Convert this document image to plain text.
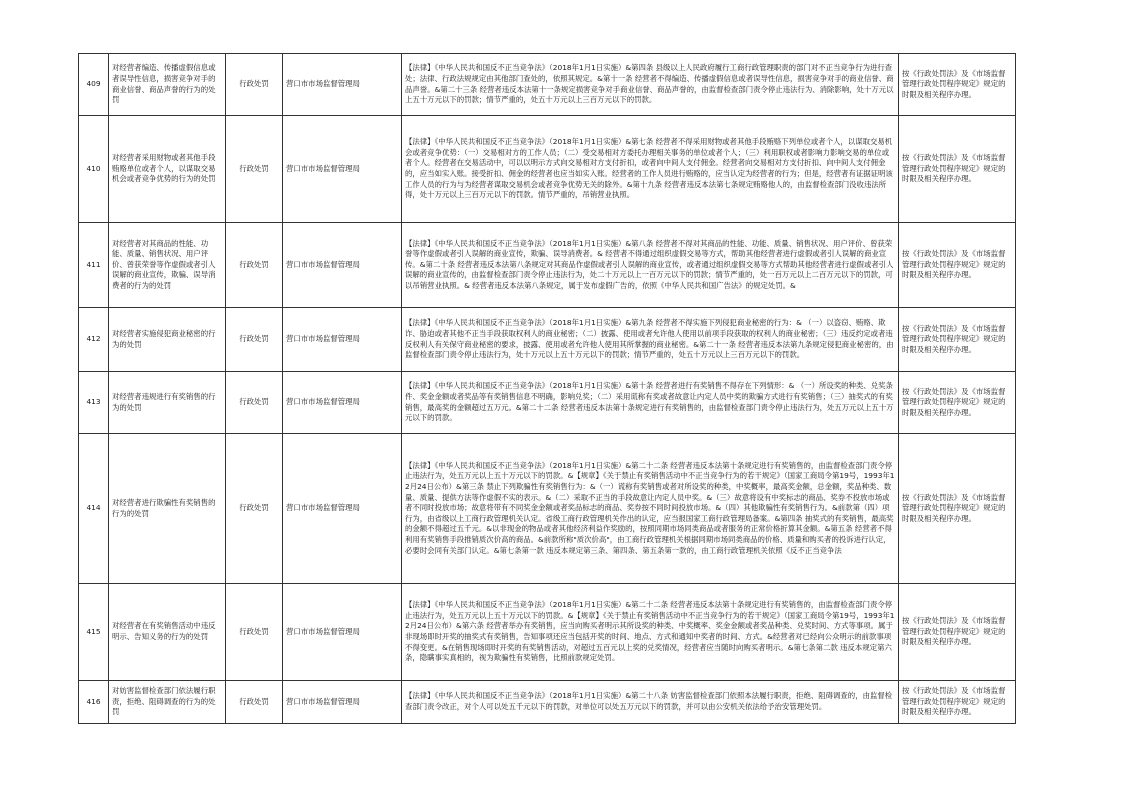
409	对经营者编造、传播虚假信息或者误导性信息，损害竞争对手的商业信誉、商品声誉的行为的处罚	行政处罚	营口市市场监督管理局	【法律】《中华人民共和国反不正当竞争法》（2018年1月1日实施）&第四条 县级以上人民政府履行工商行政管理职责的部门对不正当竞争行为进行查处；法律、行政法规规定由其他部门查处的，依照其规定。&第十一条 经营者不得编造、传播虚假信息或者误导性信息，损害竞争对手的商业信誉、商品声誉。&第二十三条 经营者违反本法第十一条规定损害竞争对手商业信誉、商品声誉的，由监督检查部门责令停止违法行为、消除影响，处十万元以上五十万元以下的罚款；情节严重的，处五十万元以上三百万元以下的罚款。	按《行政处罚法》及《市场监督管理行政处罚程序规定》规定的时限及相关程序办理。

410	对经营者采用财物或者其他手段贿赂单位或者个人，以谋取交易机会或者竞争优势的行为的处罚	行政处罚	营口市市场监督管理局	【法律】《中华人民共和国反不正当竞争法》（2018年1月1日实施）&第七条 经营者不得采用财物或者其他手段贿赂下列单位或者个人，以谋取交易机会或者竞争优势：（一）交易相对方的工作人员；（二）受交易相对方委托办理相关事务的单位或者个人；（三）利用职权或者影响力影响交易的单位或者个人。经营者在交易活动中，可以以明示方式向交易相对方支付折扣，或者向中间人支付佣金。经营者向交易相对方支付折扣、向中间人支付佣金的，应当如实入账。接受折扣、佣金的经营者也应当如实入账。经营者的工作人员进行贿赂的，应当认定为经营者的行为；但是，经营者有证据证明该工作人员的行为与为经营者谋取交易机会或者竞争优势无关的除外。&第十九条 经营者违反本法第七条规定贿赂他人的，由监督检查部门没收违法所得，处十万元以上三百万元以下的罚款。情节严重的，吊销营业执照。	按《行政处罚法》及《市场监督管理行政处罚程序规定》规定的时限及相关程序办理。

411	对经营者对其商品的性能、功能、质量、销售状况、用户评价、曾获荣誉等作虚假或者引人误解的商业宣传，欺骗、误导消费者的行为的处罚	行政处罚	营口市市场监督管理局	【法律】《中华人民共和国反不正当竞争法》（2018年1月1日实施）&第八条 经营者不得对其商品的性能、功能、质量、销售状况、用户评价、曾获荣誉等作虚假或者引人误解的商业宣传，欺骗、误导消费者。& 经营者不得通过组织虚假交易等方式，帮助其他经营者进行虚假或者引人误解的商业宣传。&第二十条 经营者违反本法第八条规定对其商品作虚假或者引人误解的商业宣传，或者通过组织虚假交易等方式帮助其他经营者进行虚假或者引人误解的商业宣传的，由监督检查部门责令停止违法行为，处二十万元以上一百万元以下的罚款；情节严重的，处一百万元以上二百万元以下的罚款，可以吊销营业执照。& 经营者违反本法第八条规定，属于发布虚假广告的，依照《中华人民共和国广告法》的规定处罚。&	按《行政处罚法》及《市场监督管理行政处罚程序规定》规定的时限及相关程序办理。

412	对经营者实施侵犯商业秘密的行为的处罚	行政处罚	营口市市场监督管理局	【法律】《中华人民共和国反不正当竞争法》（2018年1月1日实施）&第九条 经营者不得实施下列侵犯商业秘密的行为：& （一）以盗窃、贿赂、欺诈、胁迫或者其他不正当手段获取权利人的商业秘密；（二）披露、使用或者允许他人使用以前项手段获取的权利人的商业秘密；（三）违反约定或者违反权利人有关保守商业秘密的要求，披露、使用或者允许他人使用其所掌握的商业秘密。&第二十一条 经营者违反本法第九条规定侵犯商业秘密的，由监督检查部门责令停止违法行为，处十万元以上五十万元以下的罚款；情节严重的，处五十万元以上三百万元以下的罚款。	按《行政处罚法》及《市场监督管理行政处罚程序规定》规定的时限及相关程序办理。

413	对经营者违规进行有奖销售的行为的处罚	行政处罚	营口市市场监督管理局	【法律】《中华人民共和国反不正当竞争法》（2018年1月1日实施）&第十条 经营者进行有奖销售不得存在下列情形：& （一）所设奖的种类、兑奖条件、奖金金额或者奖品等有奖销售信息不明确，影响兑奖；（二）采用谎称有奖或者故意让内定人员中奖的欺骗方式进行有奖销售；（三）抽奖式的有奖销售，最高奖的金额超过五万元。&第二十二条 经营者违反本法第十条规定进行有奖销售的，由监督检查部门责令停止违法行为，处五万元以上五十万元以下的罚款。	按《行政处罚法》及《市场监督管理行政处罚程序规定》规定的时限及相关程序办理。

414	对经营者进行欺骗性有奖销售的行为的处罚	行政处罚	营口市市场监督管理局	【法律】《中华人民共和国反不正当竞争法》（2018年1月1日实施）&第二十二条 经营者违反本法第十条规定进行有奖销售的，由监督检查部门责令停止违法行为，处五万元以上五十万元以下的罚款。&【规章】《关于禁止有奖销售活动中不正当竞争行为的若干规定》（国家工商局令第19号，1993年12月24日公布）&第三条 禁止下列欺骗性有奖销售行为：&（一）谎称有奖销售或者对所设奖的种类，中奖概率，最高奖金额，总金额，奖品种类、数量、质量、提供方法等作虚假不实的表示。&（二）采取不正当的手段故意让内定人员中奖。&（三）故意将设有中奖标志的商品、奖券不投放市场或者不同时投放市场；故意将带有不同奖金金额或者奖品标志的商品、奖券按不同时间投放市场。&（四）其他欺骗性有奖销售行为。&前款第（四）项行为，由省级以上工商行政管理机关认定。省级工商行政管理机关作出的认定，应当报国家工商行政管理局备案。&第四条 抽奖式的有奖销售，最高奖的金额不得超过五千元。&以非现金的物品或者其他经济利益作奖励的，按照同期市场同类商品或者服务的正常价格折算其金额。&第五条 经营者不得利用有奖销售手段推销质次价高的商品。&前款所称"质次价高"，由工商行政管理机关根据同期市场同类商品的价格、质量和购买者的投诉进行认定，必要时会同有关部门认定。&第七条第一款 违反本规定第三条、第四条、第五条第一款的，由工商行政管理机关依照《反不正当竞争法	按《行政处罚法》及《市场监督管理行政处罚程序规定》规定的时限及相关程序办理。

415	对经营者在有奖销售活动中违反明示、告知义务的行为的处罚	行政处罚	营口市市场监督管理局	【法律】《中华人民共和国反不正当竞争法》（2018年1月1日实施）&第二十二条 经营者违反本法第十条规定进行有奖销售的，由监督检查部门责令停止违法行为，处五万元以上五十万元以下的罚款。&【规章】《关于禁止有奖销售活动中不正当竞争行为的若干规定》（国家工商局令第19号，1993年12月24日公布）&第六条 经营者举办有奖销售，应当向购买者明示其所设奖的种类、中奖概率、奖金金额或者奖品种类、兑奖时间、方式等事项。属于非现场即时开奖的抽奖式有奖销售，告知事项还应当包括开奖的时间、地点、方式和通知中奖者的时间、方式。&经营者对已经向公众明示的前款事项不得变更。&在销售现场即时开奖的有奖销售活动，对超过五百元以上奖的兑奖情况，经营者应当随时向购买者明示。&第七条第二款 违反本规定第六条，隐瞒事实真相的，视为欺骗性有奖销售，比照前款规定处罚。	按《行政处罚法》及《市场监督管理行政处罚程序规定》规定的时限及相关程序办理。

416	对妨害监督检查部门依法履行职责，拒绝、阻碍调查的行为的处罚	行政处罚	营口市市场监督管理局	【法律】《中华人民共和国反不正当竞争法》（2018年1月1日实施）&第二十八条 妨害监督检查部门依照本法履行职责，拒绝、阻碍调查的，由监督检查部门责令改正，对个人可以处五千元以下的罚款，对单位可以处五万元以下的罚款，并可以由公安机关依法给予治安管理处罚。	按《行政处罚法》及《市场监督管理行政处罚程序规定》规定的时限及相关程序办理。
